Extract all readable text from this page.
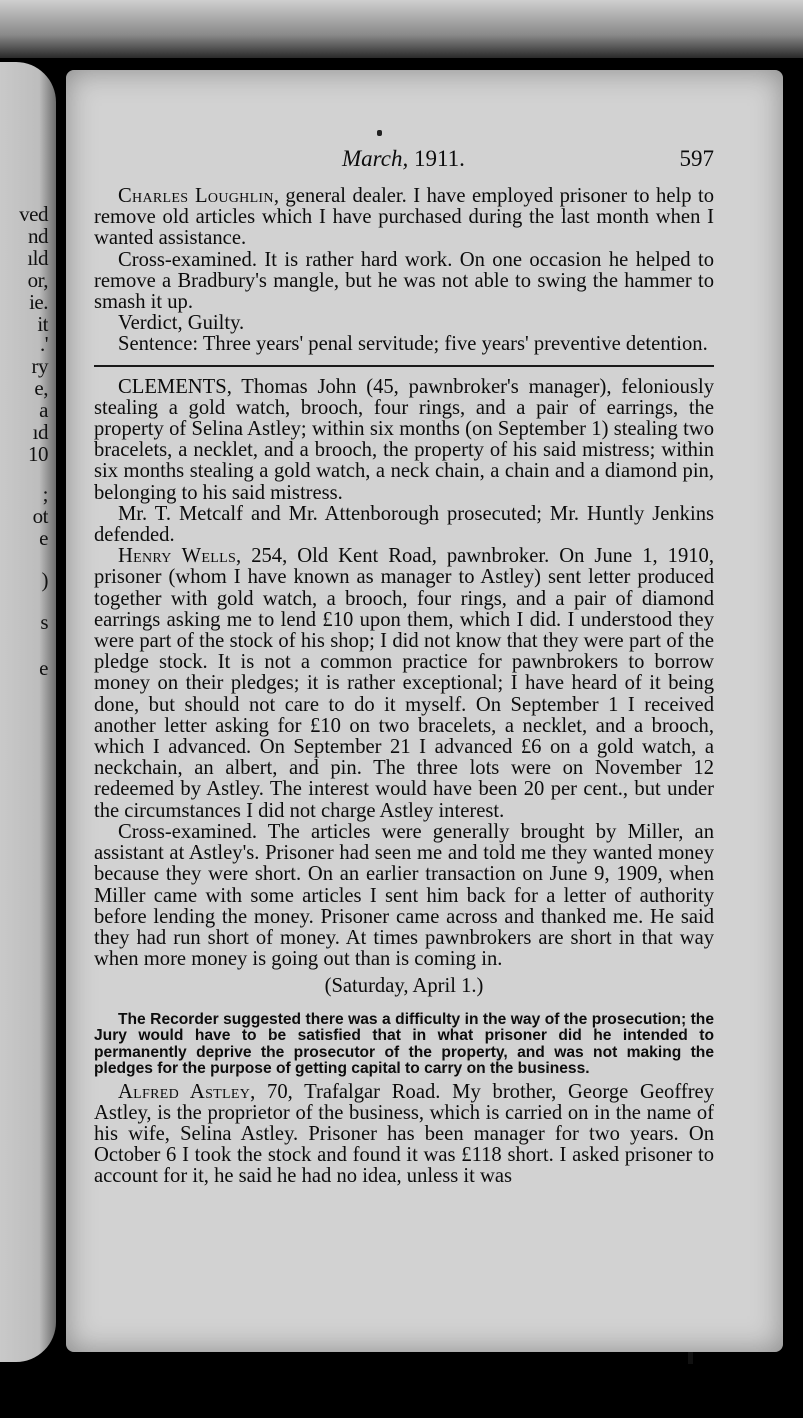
ved
nd
ıld
or,
ie.
it
.'
ry
e,
a
ıd
10
;
ot
e
)
s
e
March, 1911.	597

Charles Loughlin, general dealer. I have employed prisoner to help to remove old articles which I have purchased during the last month when I wanted assistance.

Cross-examined. It is rather hard work. On one occasion he helped to remove a Bradbury's mangle, but he was not able to swing the hammer to smash it up.

Verdict, Guilty.

Sentence: Three years' penal servitude; five years' preventive detention.

CLEMENTS, Thomas John (45, pawnbroker's manager), feloniously stealing a gold watch, brooch, four rings, and a pair of earrings, the property of Selina Astley; within six months (on September 1) stealing two bracelets, a necklet, and a brooch, the property of his said mistress; within six months stealing a gold watch, a neck chain, a chain and a diamond pin, belonging to his said mistress.

Mr. T. Metcalf and Mr. Attenborough prosecuted; Mr. Huntly Jenkins defended.

Henry Wells, 254, Old Kent Road, pawnbroker. On June 1, 1910, prisoner (whom I have known as manager to Astley) sent letter produced together with gold watch, a brooch, four rings, and a pair of diamond earrings asking me to lend £10 upon them, which I did. I understood they were part of the stock of his shop; I did not know that they were part of the pledge stock. It is not a common practice for pawnbrokers to borrow money on their pledges; it is rather exceptional; I have heard of it being done, but should not care to do it myself. On September 1 I received another letter asking for £10 on two bracelets, a necklet, and a brooch, which I advanced. On September 21 I advanced £6 on a gold watch, a neckchain, an albert, and pin. The three lots were on November 12 redeemed by Astley. The interest would have been 20 per cent., but under the circumstances I did not charge Astley interest.

Cross-examined. The articles were generally brought by Miller, an assistant at Astley's. Prisoner had seen me and told me they wanted money because they were short. On an earlier transaction on June 9, 1909, when Miller came with some articles I sent him back for a letter of authority before lending the money. Prisoner came across and thanked me. He said they had run short of money. At times pawnbrokers are short in that way when more money is going out than is coming in.

(Saturday, April 1.)

The Recorder suggested there was a difficulty in the way of the prosecution; the Jury would have to be satisfied that in what prisoner did he intended to permanently deprive the prosecutor of the property, and was not making the pledges for the purpose of getting capital to carry on the business.

Alfred Astley, 70, Trafalgar Road. My brother, George Geoffrey Astley, is the proprietor of the business, which is carried on in the name of his wife, Selina Astley. Prisoner has been manager for two years. On October 6 I took the stock and found it was £118 short. I asked prisoner to account for it, he said he had no idea, unless it was
